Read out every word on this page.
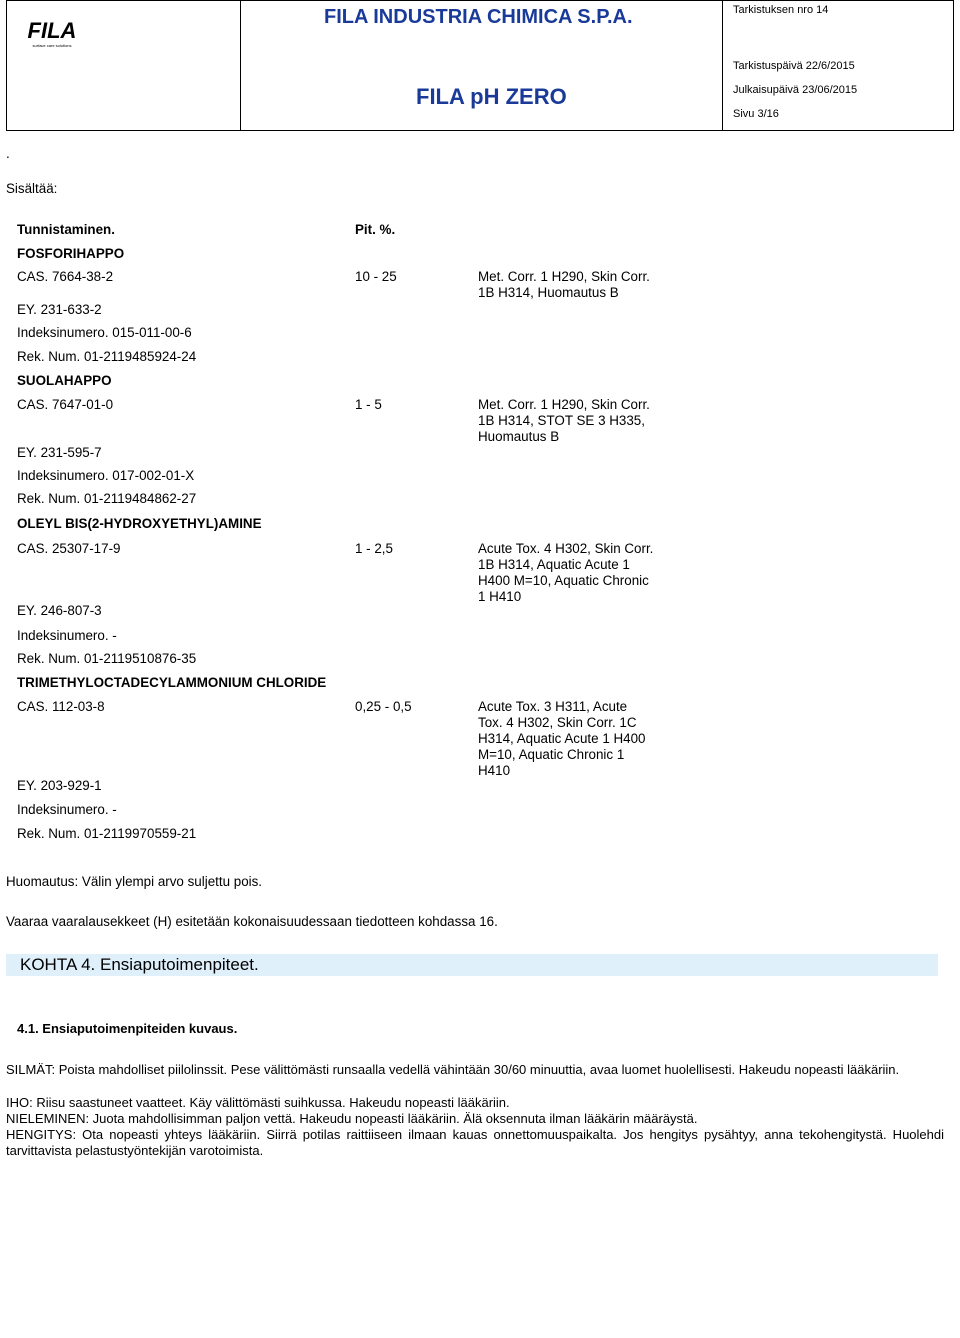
FILA
surface care solutions
FILA INDUSTRIA CHIMICA S.P.A.
FILA pH ZERO
Tarkistuksen nro 14
Tarkistuspäivä 22/6/2015
Julkaisupäivä 23/06/2015
Sivu 3/16
.
Sisältää:
Tunnistaminen.	Pit. %.
FOSFORIHAPPO
CAS. 7664-38-2	10 - 25	Met. Corr. 1 H290, Skin Corr.
1B H314, Huomautus B
EY. 231-633-2
Indeksinumero. 015-011-00-6
Rek. Num. 01-2119485924-24
SUOLAHAPPO
CAS. 7647-01-0	1 - 5	Met. Corr. 1 H290, Skin Corr.
1B H314, STOT SE 3 H335,
Huomautus B
EY. 231-595-7
Indeksinumero. 017-002-01-X
Rek. Num. 01-2119484862-27
OLEYL BIS(2-HYDROXYETHYL)AMINE
CAS. 25307-17-9	1 - 2,5	Acute Tox. 4 H302, Skin Corr.
1B H314, Aquatic Acute 1
H400 M=10, Aquatic Chronic
1 H410
EY. 246-807-3
Indeksinumero. -
Rek. Num. 01-2119510876-35
TRIMETHYLOCTADECYLAMMONIUM CHLORIDE
CAS. 112-03-8	0,25 - 0,5	Acute Tox. 3 H311, Acute
Tox. 4 H302, Skin Corr. 1C
H314, Aquatic Acute 1 H400
M=10, Aquatic Chronic 1
H410
EY. 203-929-1
Indeksinumero. -
Rek. Num. 01-2119970559-21
Huomautus: Välin ylempi arvo suljettu pois.
Vaaraa vaaralausekkeet (H) esitetään kokonaisuudessaan tiedotteen kohdassa 16.
KOHTA 4. Ensiaputoimenpiteet.
4.1. Ensiaputoimenpiteiden kuvaus.
SILMÄT: Poista mahdolliset piilolinssit. Pese välittömästi runsaalla vedellä vähintään 30/60 minuuttia, avaa luomet huolellisesti. Hakeudu nopeasti lääkäriin.
IHO: Riisu saastuneet vaatteet. Käy välittömästi suihkussa. Hakeudu nopeasti lääkäriin.
NIELEMINEN: Juota mahdollisimman paljon vettä. Hakeudu nopeasti lääkäriin. Älä oksennuta ilman lääkärin määräystä.
HENGITYS: Ota nopeasti yhteys lääkäriin. Siirrä potilas raittiiseen ilmaan kauas onnettomuuspaikalta. Jos hengitys pysähtyy, anna tekohengitystä. Huolehdi tarvittavista pelastustyöntekijän varotoimista.
